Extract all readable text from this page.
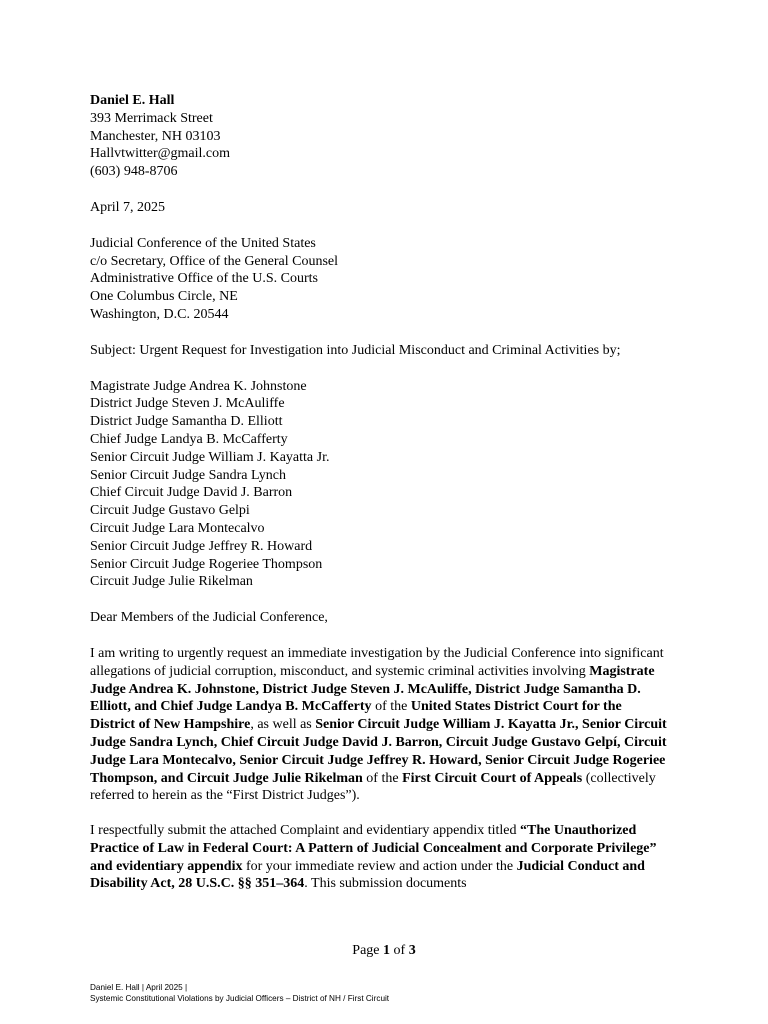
Daniel E. Hall
393 Merrimack Street
Manchester, NH 03103
Hallvtwitter@gmail.com
(603) 948-8706
April 7, 2025
Judicial Conference of the United States
c/o Secretary, Office of the General Counsel
Administrative Office of the U.S. Courts
One Columbus Circle, NE
Washington, D.C. 20544
Subject: Urgent Request for Investigation into Judicial Misconduct and Criminal Activities by;
Magistrate Judge Andrea K. Johnstone
District Judge Steven J. McAuliffe
District Judge Samantha D. Elliott
Chief Judge Landya B. McCafferty
Senior Circuit Judge William J. Kayatta Jr.
Senior Circuit Judge Sandra Lynch
Chief Circuit Judge David J. Barron
Circuit Judge Gustavo Gelpi
Circuit Judge Lara Montecalvo
Senior Circuit Judge Jeffrey R. Howard
Senior Circuit Judge Rogeriee Thompson
Circuit Judge Julie Rikelman
Dear Members of the Judicial Conference,

I am writing to urgently request an immediate investigation by the Judicial Conference into significant allegations of judicial corruption, misconduct, and systemic criminal activities involving Magistrate Judge Andrea K. Johnstone, District Judge Steven J. McAuliffe, District Judge Samantha D. Elliott, and Chief Judge Landya B. McCafferty of the United States District Court for the District of New Hampshire, as well as Senior Circuit Judge William J. Kayatta Jr., Senior Circuit Judge Sandra Lynch, Chief Circuit Judge David J. Barron, Circuit Judge Gustavo Gelpí, Circuit Judge Lara Montecalvo, Senior Circuit Judge Jeffrey R. Howard, Senior Circuit Judge Rogeriee Thompson, and Circuit Judge Julie Rikelman of the First Circuit Court of Appeals (collectively referred to herein as the “First District Judges”).

I respectfully submit the attached Complaint and evidentiary appendix titled “The Unauthorized Practice of Law in Federal Court: A Pattern of Judicial Concealment and Corporate Privilege” and evidentiary appendix for your immediate review and action under the Judicial Conduct and Disability Act, 28 U.S.C. §§ 351–364. This submission documents

Page 1 of 3
Daniel E. Hall | April 2025 |
Systemic Constitutional Violations by Judicial Officers – District of NH / First Circuit
